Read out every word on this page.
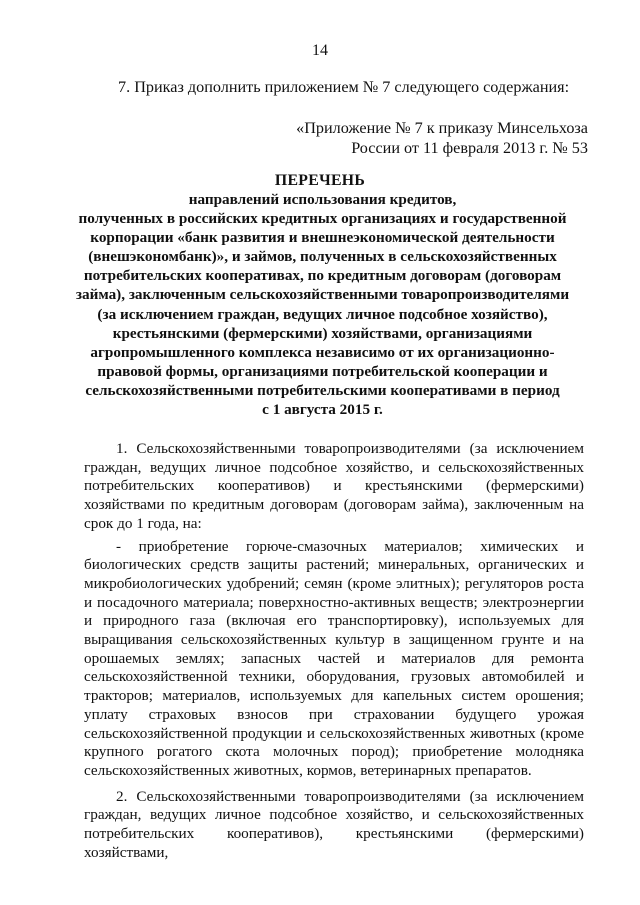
14
7. Приказ дополнить приложением № 7 следующего содержания:
«Приложение № 7 к приказу Минсельхоза
России от 11 февраля 2013 г. № 53
ПЕРЕЧЕНЬ
направлений использования кредитов,
полученных в российских кредитных организациях и государственной
корпорации «банк развития и внешнеэкономической деятельности
(внешэкономбанк)», и займов, полученных в сельскохозяйственных
потребительских кооперативах, по кредитным договорам (договорам
займа), заключенным сельскохозяйственными товаропроизводителями
(за исключением граждан, ведущих личное подсобное хозяйство),
крестьянскими (фермерскими) хозяйствами, организациями
агропромышленного комплекса независимо от их организационно-
правовой формы, организациями потребительской кооперации и
сельскохозяйственными потребительскими кооперативами в период
с 1 августа 2015 г.

1. Сельскохозяйственными товаропроизводителями (за исключением граждан, ведущих личное подсобное хозяйство, и сельскохозяйственных потребительских кооперативов) и крестьянскими (фермерскими) хозяйствами по кредитным договорам (договорам займа), заключенным на срок до 1 года, на:

- приобретение горюче-смазочных материалов; химических и биологических средств защиты растений; минеральных, органических и микробиологических удобрений; семян (кроме элитных); регуляторов роста и посадочного материала; поверхностно-активных веществ; электроэнергии и природного газа (включая его транспортировку), используемых для выращивания сельскохозяйственных культур в защищенном грунте и на орошаемых землях; запасных частей и материалов для ремонта сельскохозяйственной техники, оборудования, грузовых автомобилей и тракторов; материалов, используемых для капельных систем орошения; уплату страховых взносов при страховании будущего урожая сельскохозяйственной продукции и сельскохозяйственных животных (кроме крупного рогатого скота молочных пород); приобретение молодняка сельскохозяйственных животных, кормов, ветеринарных препаратов.

2. Сельскохозяйственными товаропроизводителями (за исключением граждан, ведущих личное подсобное хозяйство, и сельскохозяйственных потребительских кооперативов), крестьянскими (фермерскими) хозяйствами,
